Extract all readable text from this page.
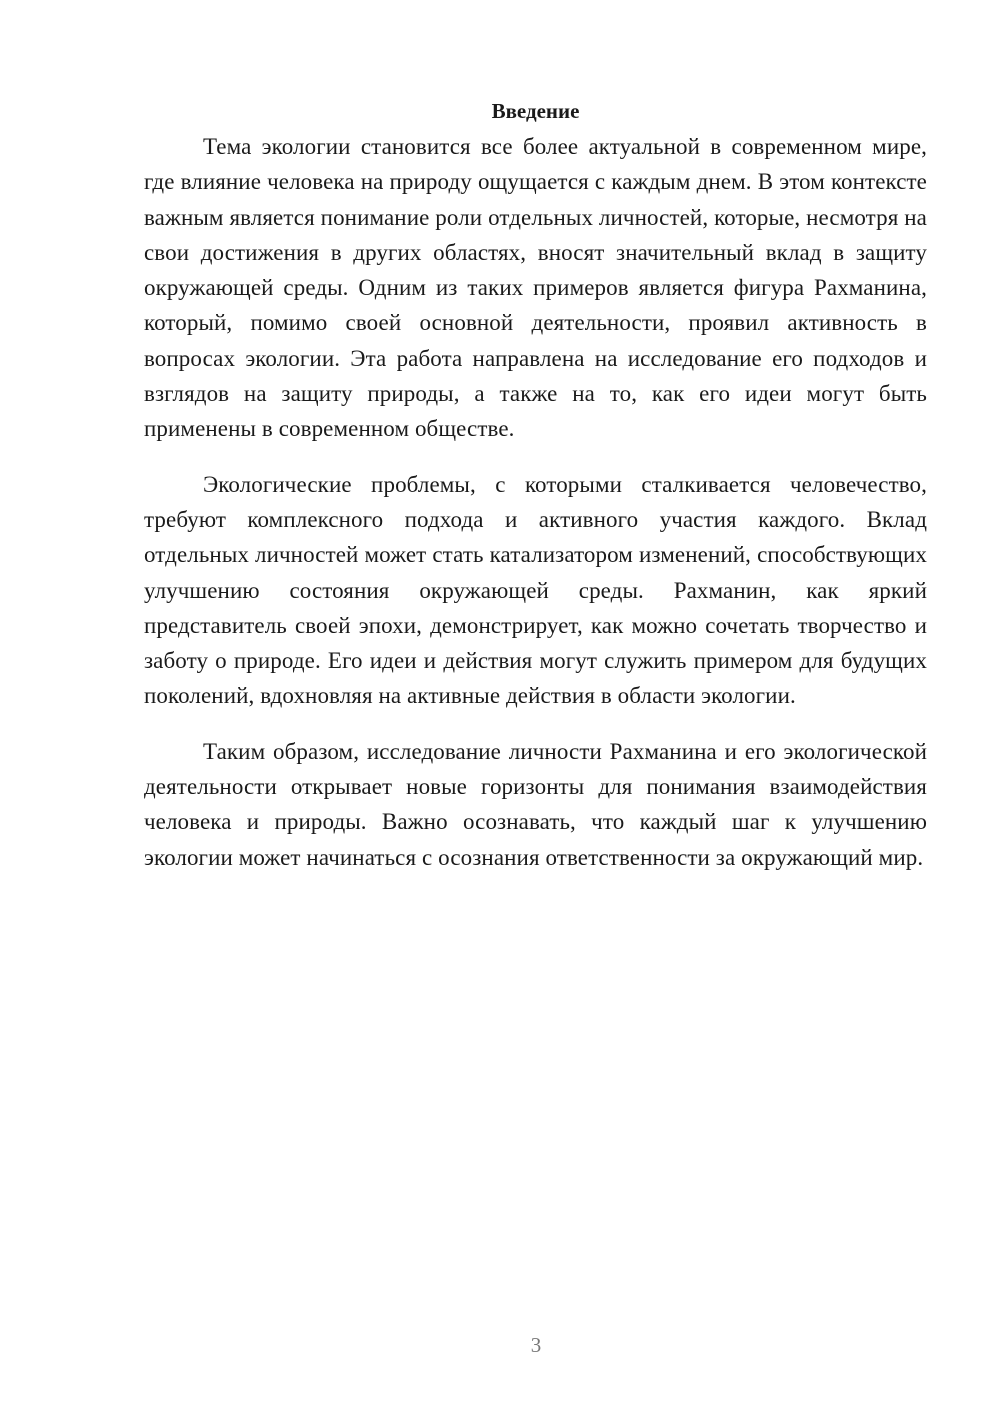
Введение

Тема экологии становится все более актуальной в современном мире, где влияние человека на природу ощущается с каждым днем. В этом контексте важным является понимание роли отдельных личностей, которые, несмотря на свои достижения в других областях, вносят значительный вклад в защиту окружающей среды. Одним из таких примеров является фигура Рахманина, который, помимо своей основной деятельности, проявил активность в вопросах экологии. Эта работа направлена на исследование его подходов и взглядов на защиту природы, а также на то, как его идеи могут быть применены в современном обществе.

Экологические проблемы, с которыми сталкивается человечество, требуют комплексного подхода и активного участия каждого. Вклад отдельных личностей может стать катализатором изменений, способствующих улучшению состояния окружающей среды. Рахманин, как яркий представитель своей эпохи, демонстрирует, как можно сочетать творчество и заботу о природе. Его идеи и действия могут служить примером для будущих поколений, вдохновляя на активные действия в области экологии.

Таким образом, исследование личности Рахманина и его экологической деятельности открывает новые горизонты для понимания взаимодействия человека и природы. Важно осознавать, что каждый шаг к улучшению экологии может начинаться с осознания ответственности за окружающий мир.

3
